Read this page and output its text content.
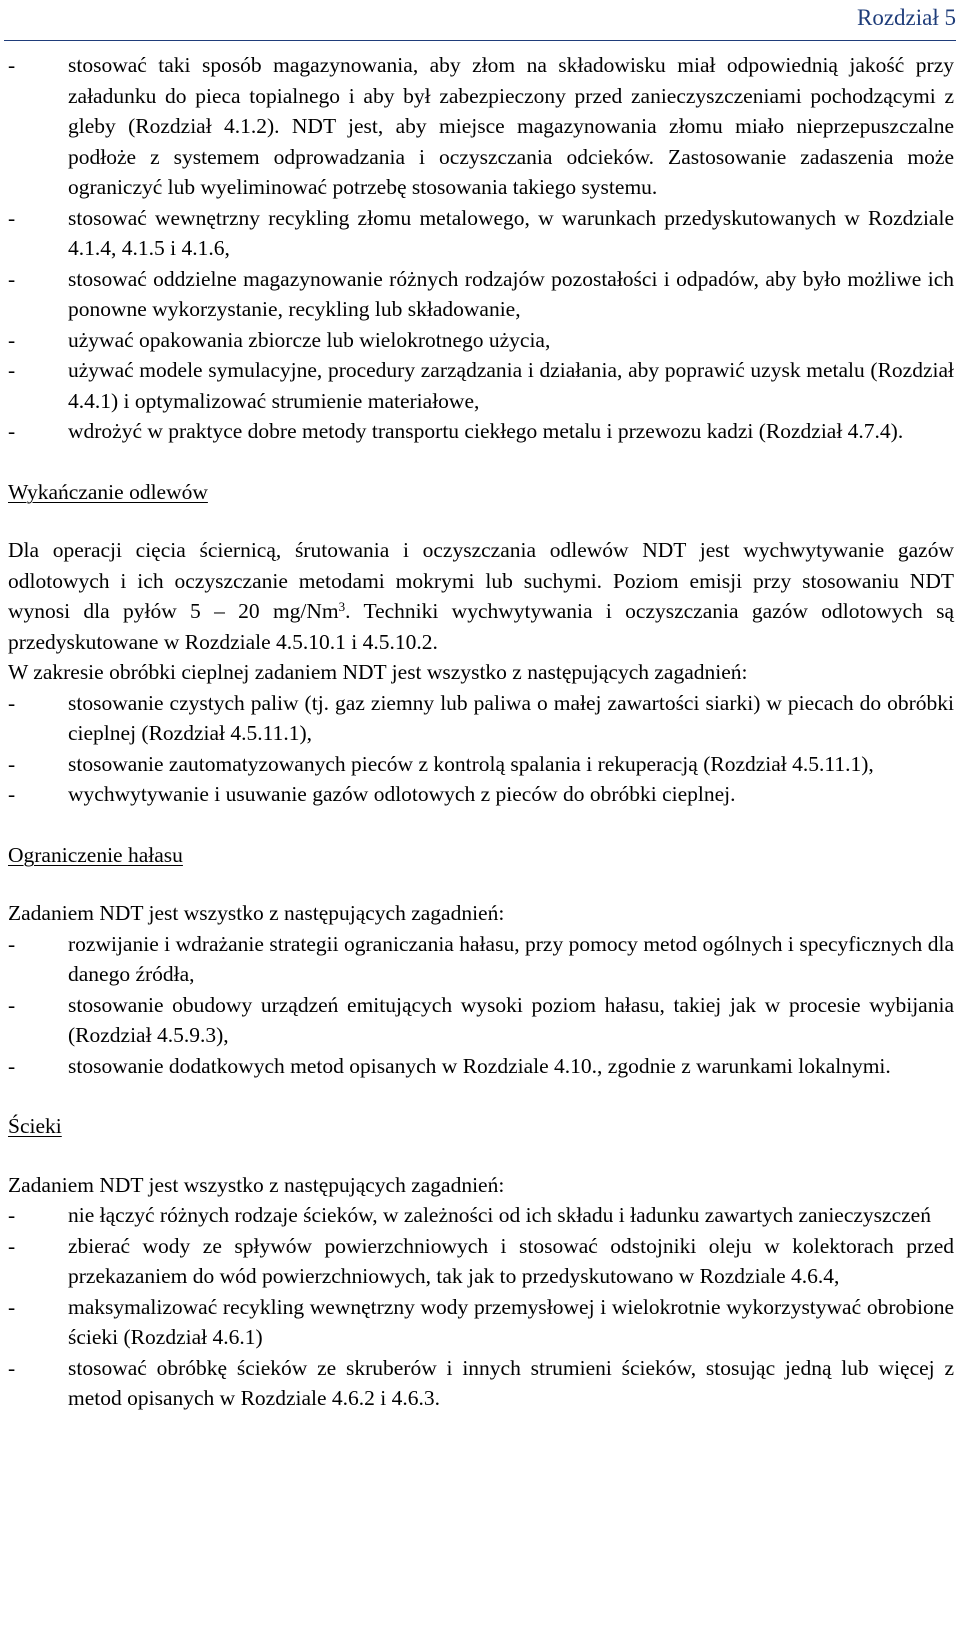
Rozdział 5
- stosować taki sposób magazynowania, aby złom na składowisku miał odpowiednią jakość przy załadunku do pieca topialnego i aby był zabezpieczony przed zanieczyszczeniami pochodzącymi z gleby (Rozdział 4.1.2). NDT jest, aby miejsce magazynowania złomu miało nieprzepuszczalne podłoże z systemem odprowadzania i oczyszczania odcieków. Zastosowanie zadaszenia może ograniczyć lub wyeliminować potrzebę stosowania takiego systemu.
- stosować wewnętrzny recykling złomu metalowego, w warunkach przedyskutowanych w Rozdziale 4.1.4, 4.1.5 i 4.1.6,
- stosować oddzielne magazynowanie różnych rodzajów pozostałości i odpadów, aby było możliwe ich ponowne wykorzystanie, recykling lub składowanie,
- używać opakowania zbiorcze lub wielokrotnego użycia,
- używać modele symulacyjne, procedury zarządzania i działania, aby poprawić uzysk metalu (Rozdział 4.4.1) i optymalizować strumienie materiałowe,
- wdrożyć w praktyce dobre metody transportu ciekłego metalu i przewozu kadzi (Rozdział 4.7.4).
Wykańczanie odlewów

Dla operacji cięcia ściernicą, śrutowania i oczyszczania odlewów NDT jest wychwytywanie gazów odlotowych i ich oczyszczanie metodami mokrymi lub suchymi. Poziom emisji przy stosowaniu NDT wynosi dla pyłów 5 – 20 mg/Nm$^3$. Techniki wychwytywania i oczyszczania gazów odlotowych są przedyskutowane w Rozdziale 4.5.10.1 i 4.5.10.2.

W zakresie obróbki cieplnej zadaniem NDT jest wszystko z następujących zagadnień:

- stosowanie czystych paliw (tj. gaz ziemny lub paliwa o małej zawartości siarki) w piecach do obróbki cieplnej (Rozdział 4.5.11.1),
- stosowanie zautomatyzowanych pieców z kontrolą spalania i rekuperacją (Rozdział 4.5.11.1),
- wychwytywanie i usuwanie gazów odlotowych z pieców do obróbki cieplnej.
Ograniczenie hałasu

Zadaniem NDT jest wszystko z następujących zagadnień:

- rozwijanie i wdrażanie strategii ograniczania hałasu, przy pomocy metod ogólnych i specyficznych dla danego źródła,
- stosowanie obudowy urządzeń emitujących wysoki poziom hałasu, takiej jak w procesie wybijania (Rozdział 4.5.9.3),
- stosowanie dodatkowych metod opisanych w Rozdziale 4.10., zgodnie z warunkami lokalnymi.
Ścieki

Zadaniem NDT jest wszystko z następujących zagadnień:

- nie łączyć różnych rodzaje ścieków, w zależności od ich składu i ładunku zawartych zanieczyszczeń
- zbierać wody ze spływów powierzchniowych i stosować odstojniki oleju w kolektorach przed przekazaniem do wód powierzchniowych, tak jak to przedyskutowano w Rozdziale 4.6.4,
- maksymalizować recykling wewnętrzny wody przemysłowej i wielokrotnie wykorzystywać obrobione ścieki (Rozdział 4.6.1)
- stosować obróbkę ścieków ze skruberów i innych strumieni ścieków, stosując jedną lub więcej z metod opisanych w Rozdziale 4.6.2 i 4.6.3.
